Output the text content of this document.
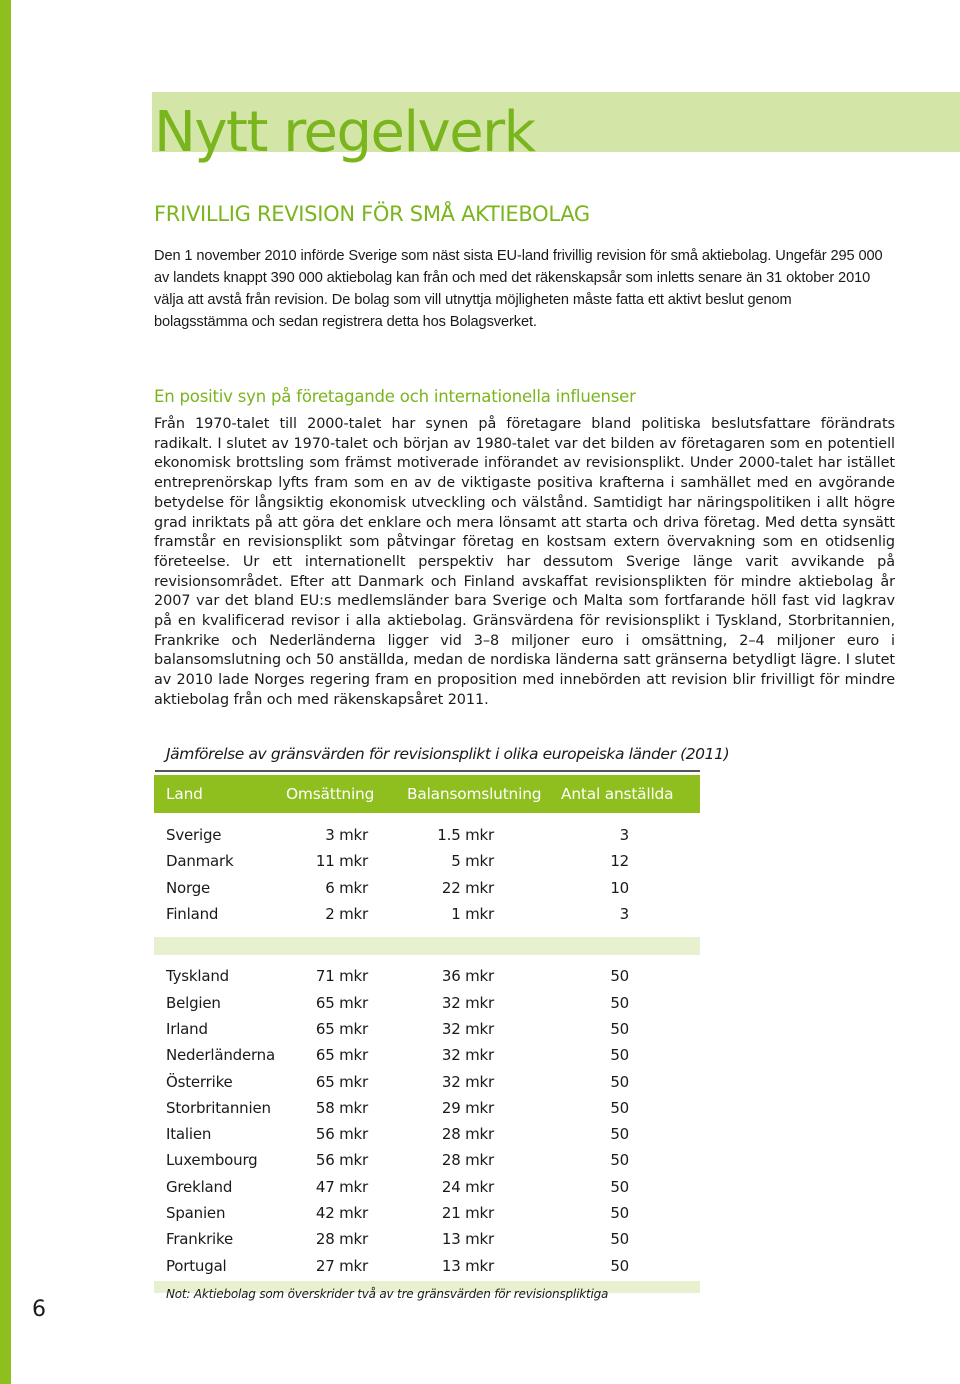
Nytt regelverk
FRIVILLIG REVISION FÖR SMÅ AKTIEBOLAG

Den 1 november 2010 införde Sverige som näst sista EU-land frivillig revision för små aktiebolag. Ungefär 295 000 av landets knappt 390 000 aktiebolag kan från och med det räkenskapsår som inletts senare än 31 oktober 2010 välja att avstå från revision. De bolag som vill utnyttja möjligheten måste fatta ett aktivt beslut genom bolagsstämma och sedan registrera detta hos Bolagsverket.

En positiv syn på företagande och internationella influenser

Från 1970-talet till 2000-talet har synen på företagare bland politiska beslutsfattare förändrats radikalt. I slutet av 1970-talet och början av 1980-talet var det bilden av företagaren som en potentiell ekonomisk brottsling som främst motiverade införandet av revisionsplikt. Under 2000-talet har istället entreprenörskap lyfts fram som en av de viktigaste positiva krafterna i samhället med en avgörande betydelse för långsiktig ekonomisk utveckling och välstånd. Samtidigt har näringspolitiken i allt högre grad inriktats på att göra det enklare och mera lönsamt att starta och driva företag. Med detta synsätt framstår en revisionsplikt som påtvingar företag en kostsam extern övervakning som en otidsenlig företeelse. Ur ett internationellt perspektiv har dessutom Sverige länge varit avvikande på revisionsområdet. Efter att Danmark och Finland avskaffat revisionsplikten för mindre aktiebolag år 2007 var det bland EU:s medlemsländer bara Sverige och Malta som fortfarande höll fast vid lagkrav på en kvalificerad revisor i alla aktiebolag. Gränsvärdena för revisionsplikt i Tyskland, Storbritannien, Frankrike och Nederländerna ligger vid 3–8 miljoner euro i omsättning, 2–4 miljoner euro i balansomslutning och 50 anställda, medan de nordiska länderna satt gränserna betydligt lägre. I slutet av 2010 lade Norges regering fram en proposition med innebörden att revision blir frivilligt för mindre aktiebolag från och med räkenskapsåret 2011.

Jämförelse av gränsvärden för revisionsplikt i olika europeiska länder (2011)

Land	Omsättning	Balansomslutning	Antal anställda
Sverige	3 mkr	1.5 mkr	3
Danmark	11 mkr	5 mkr	12
Norge	6 mkr	22 mkr	10
Finland	2 mkr	1 mkr	3
Tyskland	71 mkr	36 mkr	50
Belgien	65 mkr	32 mkr	50
Irland	65 mkr	32 mkr	50
Nederländerna	65 mkr	32 mkr	50
Österrike	65 mkr	32 mkr	50
Storbritannien	58 mkr	29 mkr	50
Italien	56 mkr	28 mkr	50
Luxembourg	56 mkr	28 mkr	50
Grekland	47 mkr	24 mkr	50
Spanien	42 mkr	21 mkr	50
Frankrike	28 mkr	13 mkr	50
Portugal	27 mkr	13 mkr	50

Not: Aktiebolag som överskrider två av tre gränsvärden för revisionspliktiga

6
